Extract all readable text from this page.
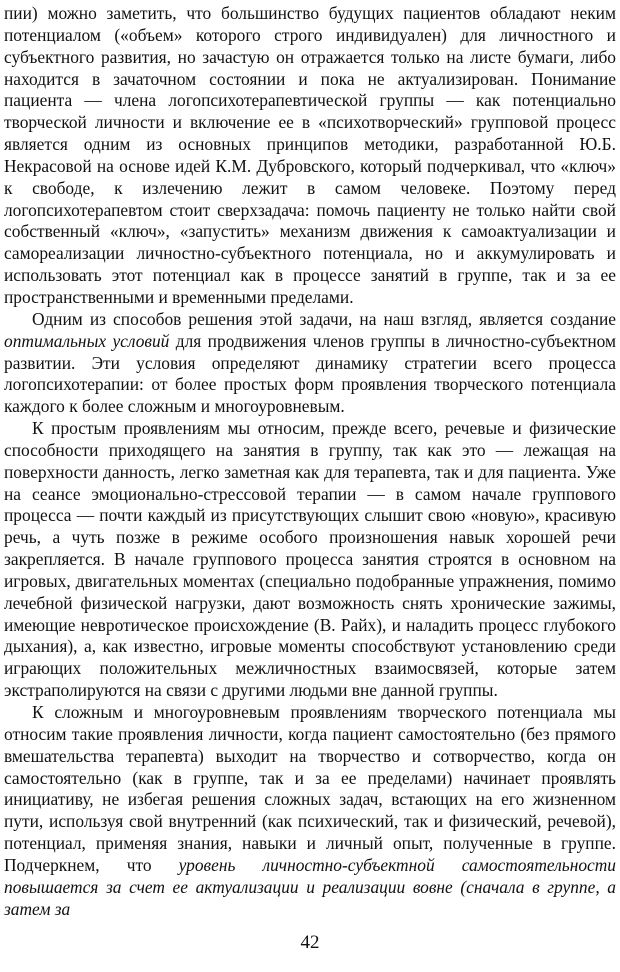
пии) можно заметить, что большинство будущих пациентов обладают неким потенциалом («объем» которого строго индивидуален) для личностного и субъектного развития, но зачастую он отражается только на листе бумаги, либо находится в зачаточном состоянии и пока не актуализирован. Понимание пациента — члена логопсихотерапевтической группы — как потенциально творческой личности и включение ее в «психотворческий» групповой процесс является одним из основных принципов методики, разработанной Ю.Б. Некрасовой на основе идей К.М. Дубровского, который подчеркивал, что «ключ» к свободе, к излечению лежит в самом человеке. Поэтому перед логопсихотерапевтом стоит сверхзадача: помочь пациенту не только найти свой собственный «ключ», «запустить» механизм движения к самоактуализации и самореализации личностно-субъектного потенциала, но и аккумулировать и использовать этот потенциал как в процессе занятий в группе, так и за ее пространственными и временными пределами.

Одним из способов решения этой задачи, на наш взгляд, является создание оптимальных условий для продвижения членов группы в личностно-субъектном развитии. Эти условия определяют динамику стратегии всего процесса логопсихотерапии: от более простых форм проявления творческого потенциала каждого к более сложным и многоуровневым.

К простым проявлениям мы относим, прежде всего, речевые и физические способности приходящего на занятия в группу, так как это — лежащая на поверхности данность, легко заметная как для терапевта, так и для пациента. Уже на сеансе эмоционально-стрессовой терапии — в самом начале группового процесса — почти каждый из присутствующих слышит свою «новую», красивую речь, а чуть позже в режиме особого произношения навык хорошей речи закрепляется. В начале группового процесса занятия строятся в основном на игровых, двигательных моментах (специально подобранные упражнения, помимо лечебной физической нагрузки, дают возможность снять хронические зажимы, имеющие невротическое происхождение (В. Райх), и наладить процесс глубокого дыхания), а, как известно, игровые моменты способствуют установлению среди играющих положительных межличностных взаимосвязей, которые затем экстраполируются на связи с другими людьми вне данной группы.

К сложным и многоуровневым проявлениям творческого потенциала мы относим такие проявления личности, когда пациент самостоятельно (без прямого вмешательства терапевта) выходит на творчество и сотворчество, когда он самостоятельно (как в группе, так и за ее пределами) начинает проявлять инициативу, не избегая решения сложных задач, встающих на его жизненном пути, используя свой внутренний (как психический, так и физический, речевой), потенциал, применяя знания, навыки и личный опыт, полученные в группе. Подчеркнем, что уровень личностно-субъектной самостоятельности повышается за счет ее актуализации и реализации вовне (сначала в группе, а затем за

42
